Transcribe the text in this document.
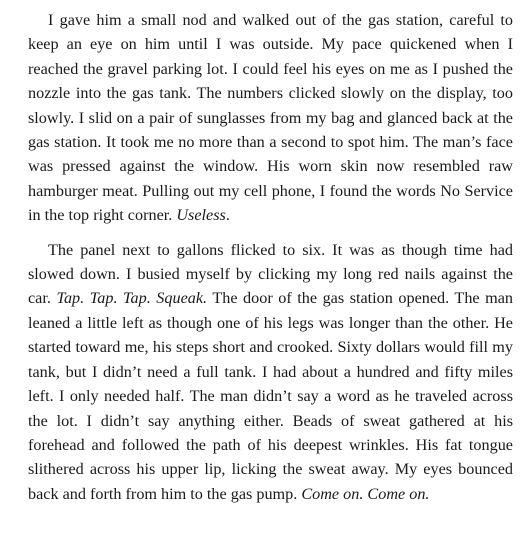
I gave him a small nod and walked out of the gas station, careful to keep an eye on him until I was outside. My pace quickened when I reached the gravel parking lot. I could feel his eyes on me as I pushed the nozzle into the gas tank. The numbers clicked slowly on the display, too slowly. I slid on a pair of sunglasses from my bag and glanced back at the gas station. It took me no more than a second to spot him. The man’s face was pressed against the window. His worn skin now resembled raw hamburger meat. Pulling out my cell phone, I found the words No Service in the top right corner. Useless.

The panel next to gallons flicked to six. It was as though time had slowed down. I busied myself by clicking my long red nails against the car. Tap. Tap. Tap. Squeak. The door of the gas station opened. The man leaned a little left as though one of his legs was longer than the other. He started toward me, his steps short and crooked. Sixty dollars would fill my tank, but I didn’t need a full tank. I had about a hundred and fifty miles left. I only needed half. The man didn’t say a word as he traveled across the lot. I didn’t say anything either. Beads of sweat gathered at his forehead and followed the path of his deepest wrinkles. His fat tongue slithered across his upper lip, licking the sweat away. My eyes bounced back and forth from him to the gas pump. Come on. Come on.
